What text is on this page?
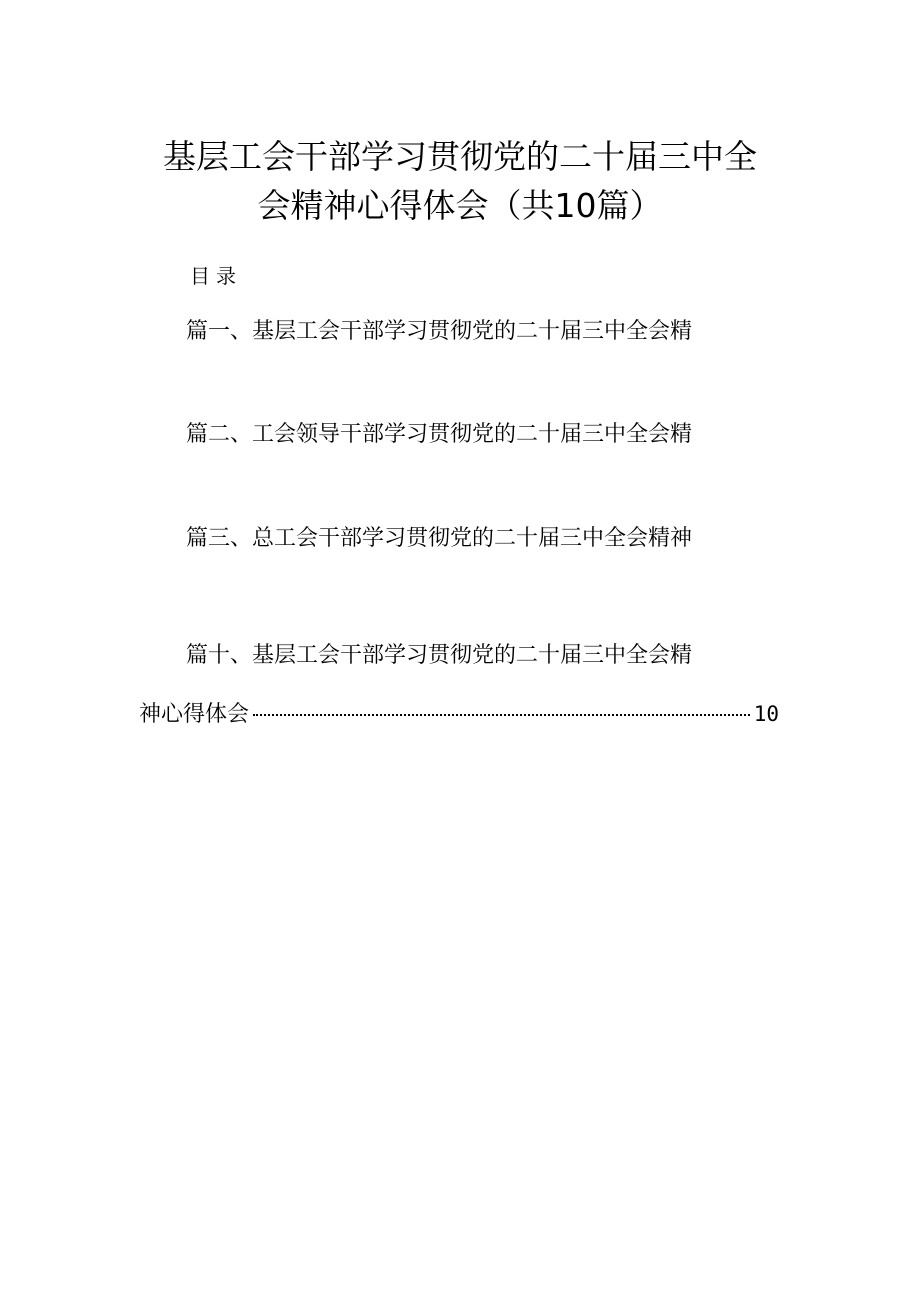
基层工会干部学习贯彻党的二十届三中全
会精神心得体会（共10篇）
目录
篇一、基层工会干部学习贯彻党的二十届三中全会精
篇二、工会领导干部学习贯彻党的二十届三中全会精
篇三、总工会干部学习贯彻党的二十届三中全会精神
篇十、基层工会干部学习贯彻党的二十届三中全会精
神心得体会	10
